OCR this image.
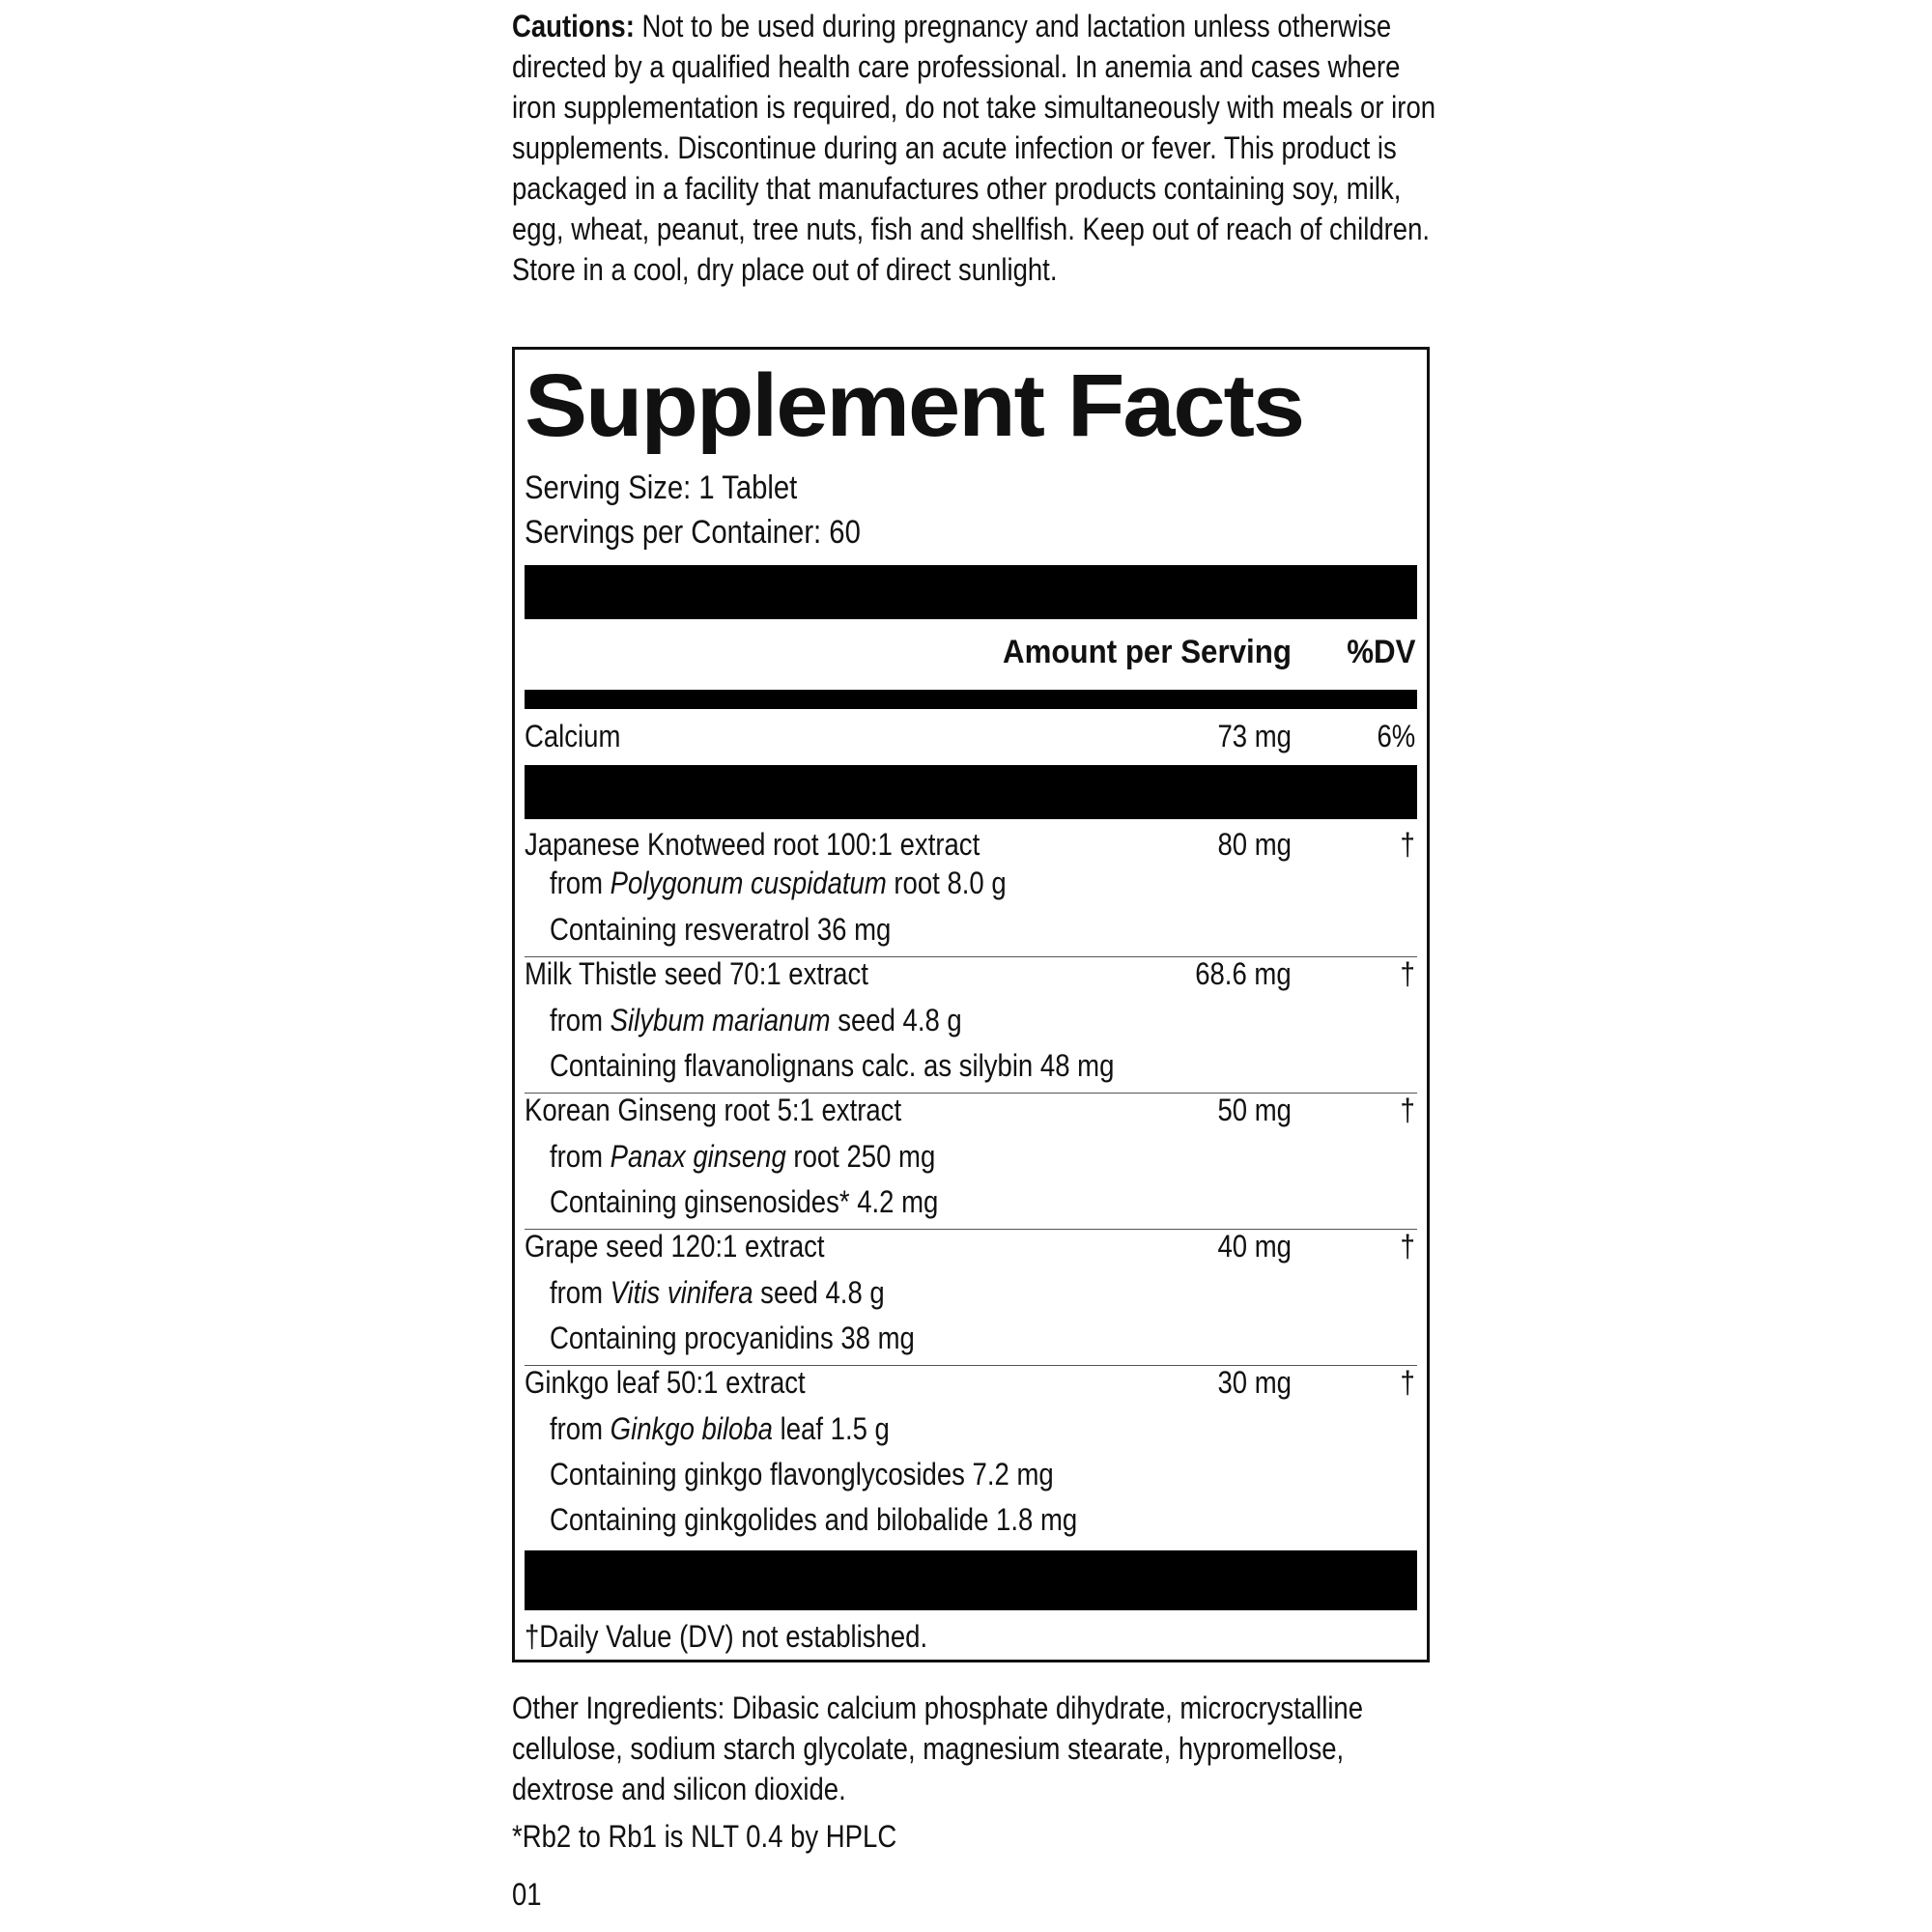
Cautions: Not to be used during pregnancy and lactation unless otherwise directed by a qualified health care professional. In anemia and cases where iron supplementation is required, do not take simultaneously with meals or iron supplements. Discontinue during an acute infection or fever. This product is packaged in a facility that manufactures other products containing soy, milk, egg, wheat, peanut, tree nuts, fish and shellfish. Keep out of reach of children. Store in a cool, dry place out of direct sunlight.
Supplement Facts
Serving Size: 1 Tablet
Servings per Container: 60
Amount per Serving %DV
Calcium	73 mg	6%
Japanese Knotweed root 100:1 extract	80 mg	†
from Polygonum cuspidatum root 8.0 g
Containing resveratrol 36 mg
Milk Thistle seed 70:1 extract	68.6 mg	†
from Silybum marianum seed 4.8 g
Containing flavanolignans calc. as silybin 48 mg
Korean Ginseng root 5:1 extract	50 mg	†
from Panax ginseng root 250 mg
Containing ginsenosides* 4.2 mg
Grape seed 120:1 extract	40 mg	†
from Vitis vinifera seed 4.8 g
Containing procyanidins 38 mg
Ginkgo leaf 50:1 extract	30 mg	†
from Ginkgo biloba leaf 1.5 g
Containing ginkgo flavonglycosides 7.2 mg
Containing ginkgolides and bilobalide 1.8 mg
†Daily Value (DV) not established.
Other Ingredients: Dibasic calcium phosphate dihydrate, microcrystalline cellulose, sodium starch glycolate, magnesium stearate, hypromellose, dextrose and silicon dioxide.
*Rb2 to Rb1 is NLT 0.4 by HPLC
01
